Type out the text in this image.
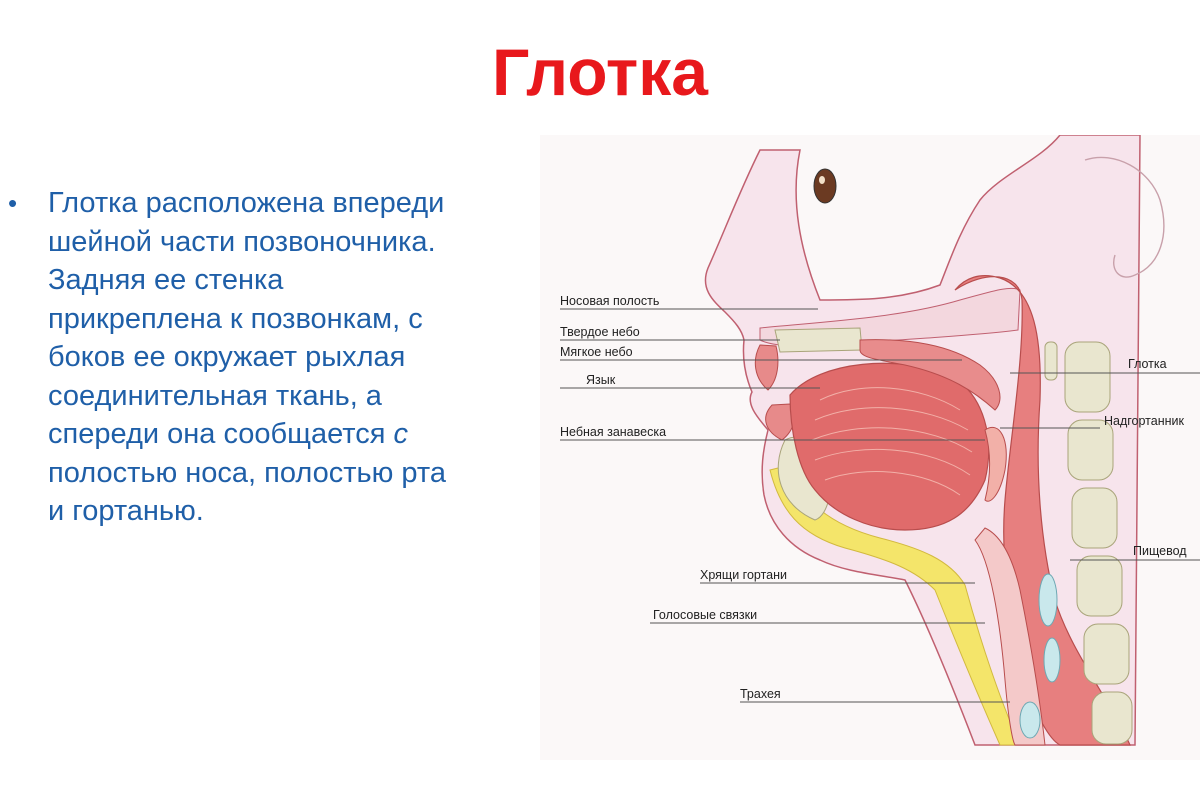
Глотка
• Глотка расположена впереди
шейной части позвоночника.
Задняя ее стенка
прикреплена к позвонкам, с
боков ее окружает рыхлая
соединительная ткань, а
спереди она сообщается с
полостью носа, полостью рта
и гортанью.

Носовая полость
Твердое небо
Мягкое небо
Язык
Небная занавеска
Хрящи гортани
Голосовые связки
Трахея
Глотка
Надгортанник
Пищевод
